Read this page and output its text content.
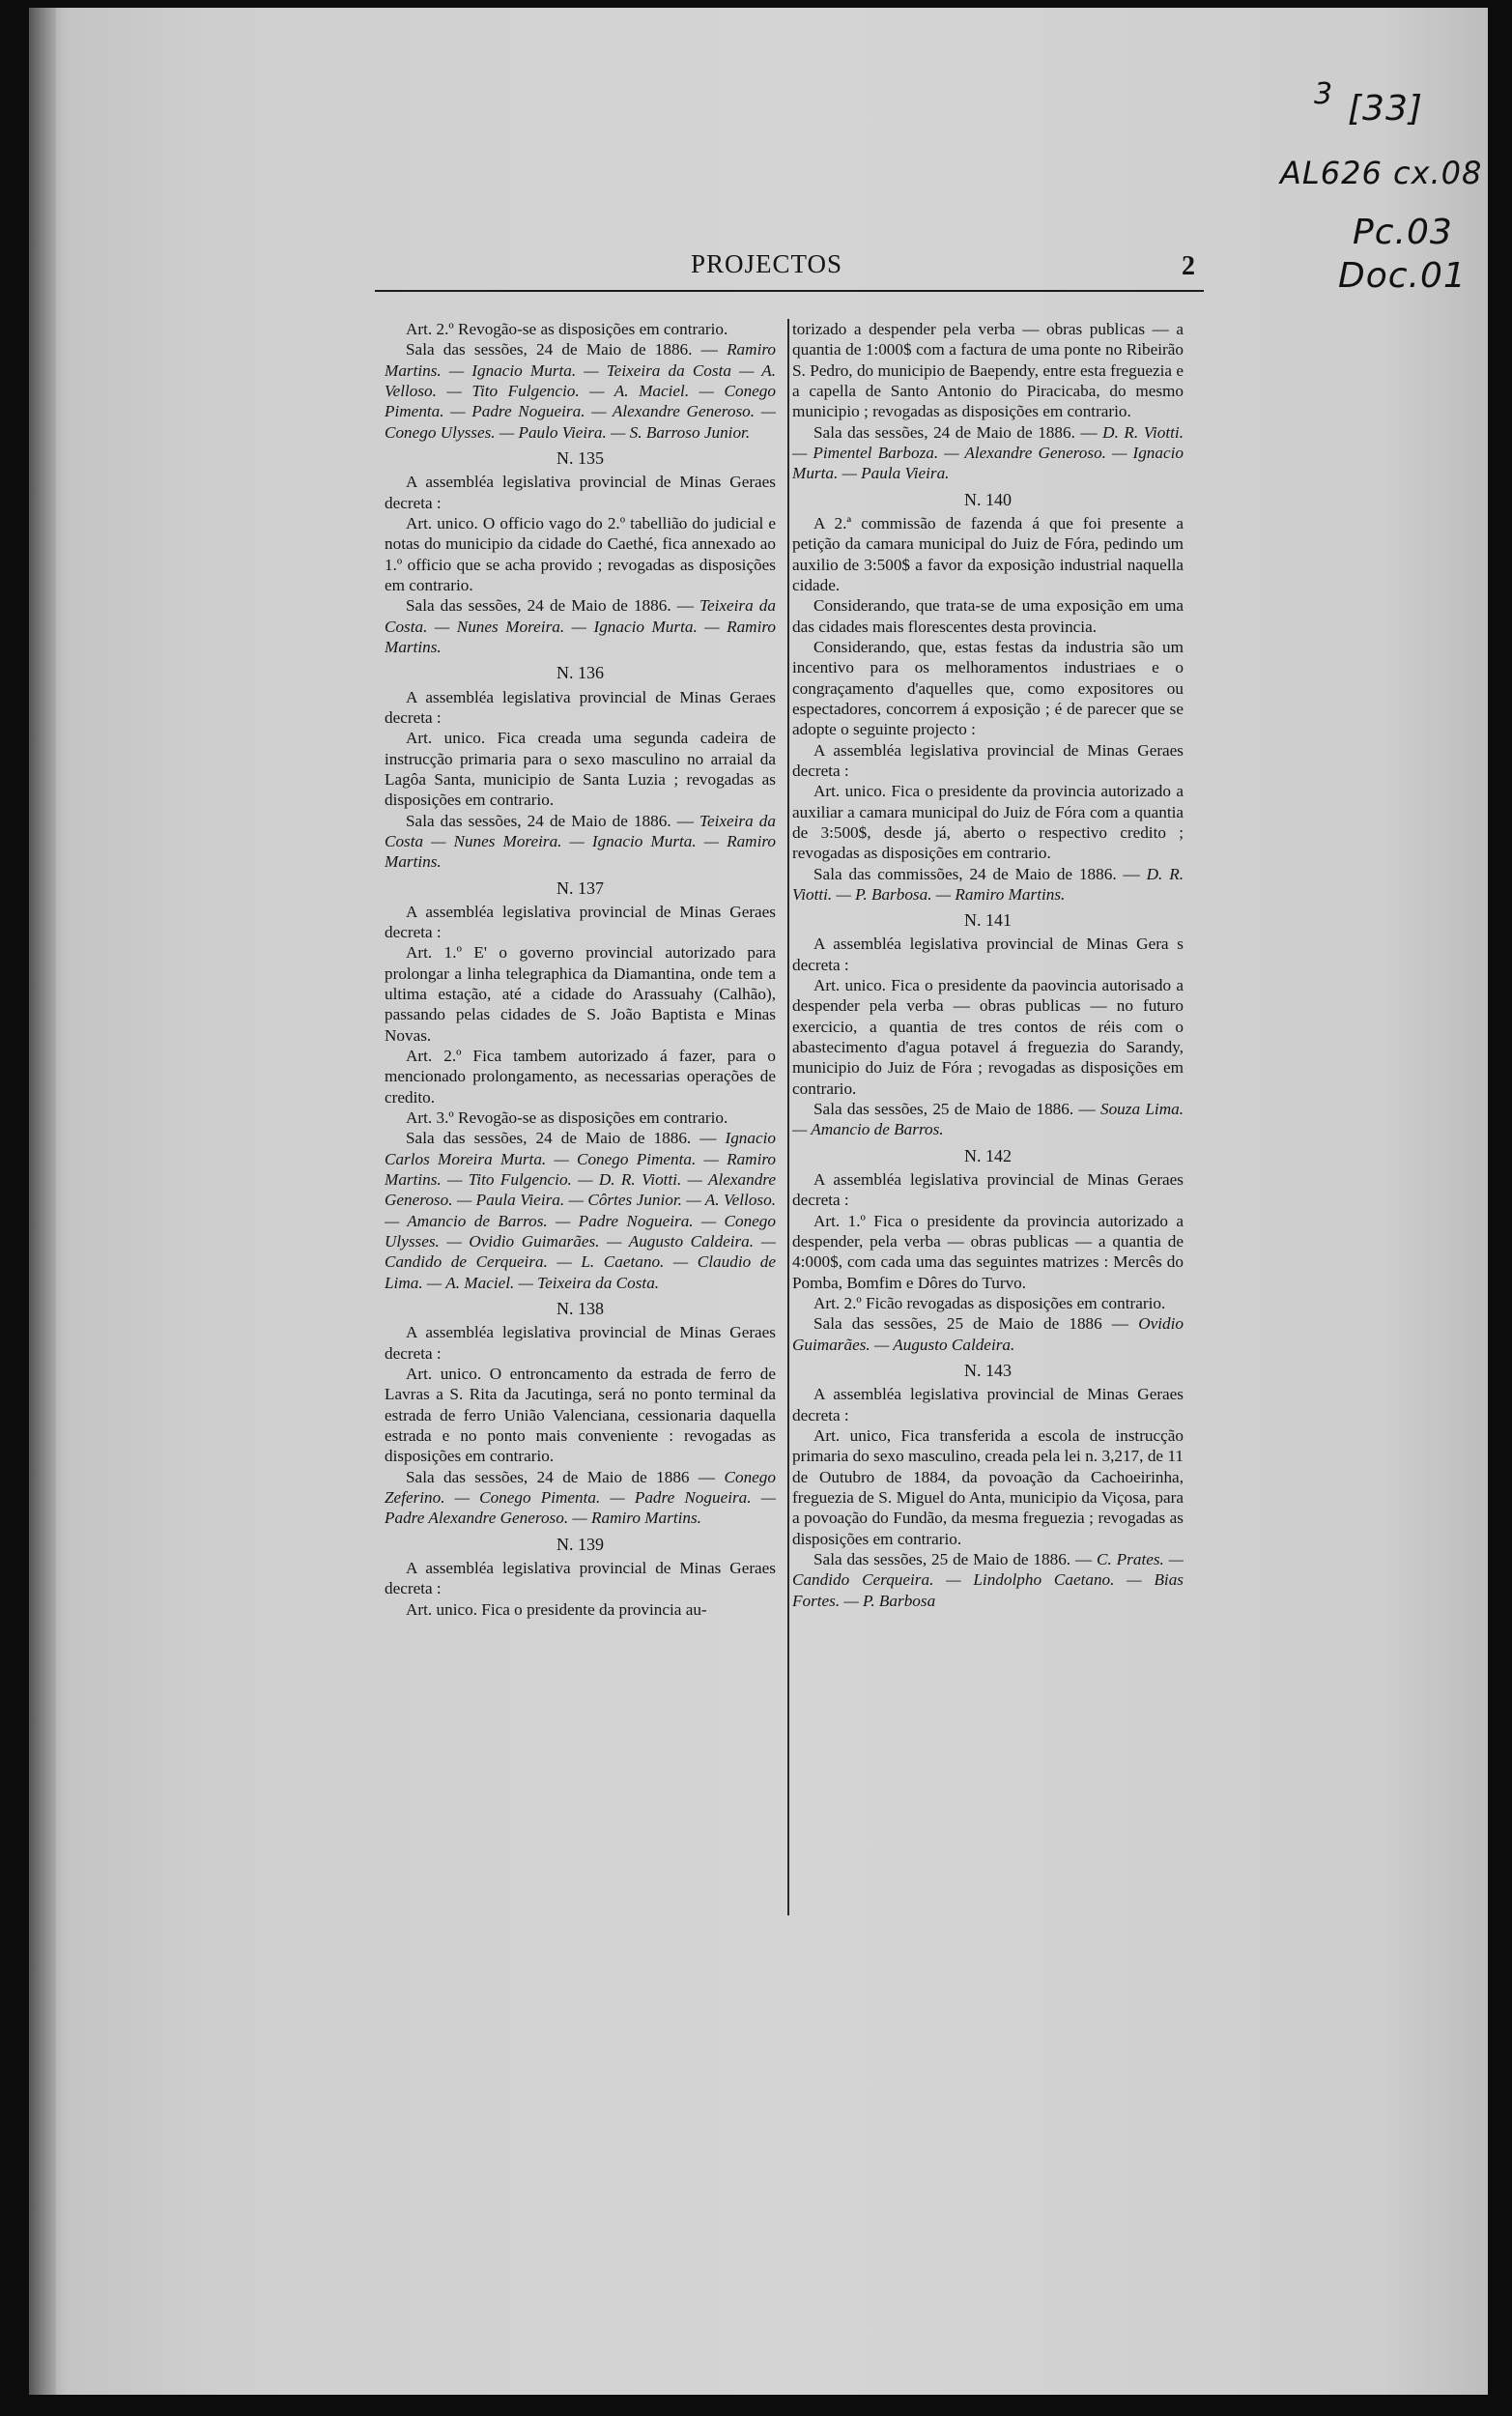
3 [33]
AL626 cx.08
Pc.03
Doc.01
PROJECTOS	2

Art. 2.º Revogão-se as disposições em contrario.

Sala das sessões, 24 de Maio de 1886. — Ramiro Martins. — Ignacio Murta. — Teixeira da Costa — A. Velloso. — Tito Fulgencio. — A. Maciel. — Conego Pimenta. — Padre Nogueira. — Alexandre Generoso. — Conego Ulysses. — Paulo Vieira. — S. Barroso Junior.

N. 135

A assembléa legislativa provincial de Minas Geraes decreta :

Art. unico. O officio vago do 2.º tabellião do judicial e notas do municipio da cidade do Caethé, fica annexado ao 1.º officio que se acha provido ; revogadas as disposições em contrario.

Sala das sessões, 24 de Maio de 1886. — Teixeira da Costa. — Nunes Moreira. — Ignacio Murta. — Ramiro Martins.

N. 136

A assembléa legislativa provincial de Minas Geraes decreta :

Art. unico. Fica creada uma segunda cadeira de instrucção primaria para o sexo masculino no arraial da Lagôa Santa, municipio de Santa Luzia ; revogadas as disposições em contrario.

Sala das sessões, 24 de Maio de 1886. — Teixeira da Costa — Nunes Moreira. — Ignacio Murta. — Ramiro Martins.

N. 137

A assembléa legislativa provincial de Minas Geraes decreta :

Art. 1.º E' o governo provincial autorizado para prolongar a linha telegraphica da Diamantina, onde tem a ultima estação, até a cidade do Arassuahy (Calhão), passando pelas cidades de S. João Baptista e Minas Novas.

Art. 2.º Fica tambem autorizado á fazer, para o mencionado prolongamento, as necessarias operações de credito.

Art. 3.º Revogão-se as disposições em contrario.

Sala das sessões, 24 de Maio de 1886. — Ignacio Carlos Moreira Murta. — Conego Pimenta. — Ramiro Martins. — Tito Fulgencio. — D. R. Viotti. — Alexandre Generoso. — Paula Vieira. — Côrtes Junior. — A. Velloso. — Amancio de Barros. — Padre Nogueira. — Conego Ulysses. — Ovidio Guimarães. — Augusto Caldeira. — Candido de Cerqueira. — L. Caetano. — Claudio de Lima. — A. Maciel. — Teixeira da Costa.

N. 138

A assembléa legislativa provincial de Minas Geraes decreta :

Art. unico. O entroncamento da estrada de ferro de Lavras a S. Rita da Jacutinga, será no ponto terminal da estrada de ferro União Valenciana, cessionaria daquella estrada e no ponto mais conveniente : revogadas as disposições em contrario.

Sala das sessões, 24 de Maio de 1886 — Conego Zeferino. — Conego Pimenta. — Padre Nogueira. — Padre Alexandre Generoso. — Ramiro Martins.

N. 139

A assembléa legislativa provincial de Minas Geraes decreta :

Art. unico. Fica o presidente da provincia au-

torizado a despender pela verba — obras publicas — a quantia de 1:000$ com a factura de uma ponte no Ribeirão S. Pedro, do municipio de Baependy, entre esta freguezia e a capella de Santo Antonio do Piracicaba, do mesmo municipio ; revogadas as disposições em contrario.

Sala das sessões, 24 de Maio de 1886. — D. R. Viotti. — Pimentel Barboza. — Alexandre Generoso. — Ignacio Murta. — Paula Vieira.

N. 140

A 2.ª commissão de fazenda á que foi presente a petição da camara municipal do Juiz de Fóra, pedindo um auxilio de 3:500$ a favor da exposição industrial naquella cidade.

Considerando, que trata-se de uma exposição em uma das cidades mais florescentes desta provincia.

Considerando, que, estas festas da industria são um incentivo para os melhoramentos industriaes e o congraçamento d'aquelles que, como expositores ou espectadores, concorrem á exposição ; é de parecer que se adopte o seguinte projecto :

A assembléa legislativa provincial de Minas Geraes decreta :

Art. unico. Fica o presidente da provincia autorizado a auxiliar a camara municipal do Juiz de Fóra com a quantia de 3:500$, desde já, aberto o respectivo credito ; revogadas as disposições em contrario.

Sala das commissões, 24 de Maio de 1886. — D. R. Viotti. — P. Barbosa. — Ramiro Martins.

N. 141

A assembléa legislativa provincial de Minas Gera s decreta :

Art. unico. Fica o presidente da paovincia autorisado a despender pela verba — obras publicas — no futuro exercicio, a quantia de tres contos de réis com o abastecimento d'agua potavel á freguezia do Sarandy, municipio do Juiz de Fóra ; revogadas as disposições em contrario.

Sala das sessões, 25 de Maio de 1886. — Souza Lima. — Amancio de Barros.

N. 142

A assembléa legislativa provincial de Minas Geraes decreta :

Art. 1.º Fica o presidente da provincia autorizado a despender, pela verba — obras publicas — a quantia de 4:000$, com cada uma das seguintes matrizes : Mercês do Pomba, Bomfim e Dôres do Turvo.

Art. 2.º Ficão revogadas as disposições em contrario.

Sala das sessões, 25 de Maio de 1886 — Ovidio Guimarães. — Augusto Caldeira.

N. 143

A assembléa legislativa provincial de Minas Geraes decreta :

Art. unico, Fica transferida a escola de instrucção primaria do sexo masculino, creada pela lei n. 3,217, de 11 de Outubro de 1884, da povoação da Cachoeirinha, freguezia de S. Miguel do Anta, municipio da Viçosa, para a povoação do Fundão, da mesma freguezia ; revogadas as disposições em contrario.

Sala das sessões, 25 de Maio de 1886. — C. Prates. — Candido Cerqueira. — Lindolpho Caetano. — Bias Fortes. — P. Barbosa
